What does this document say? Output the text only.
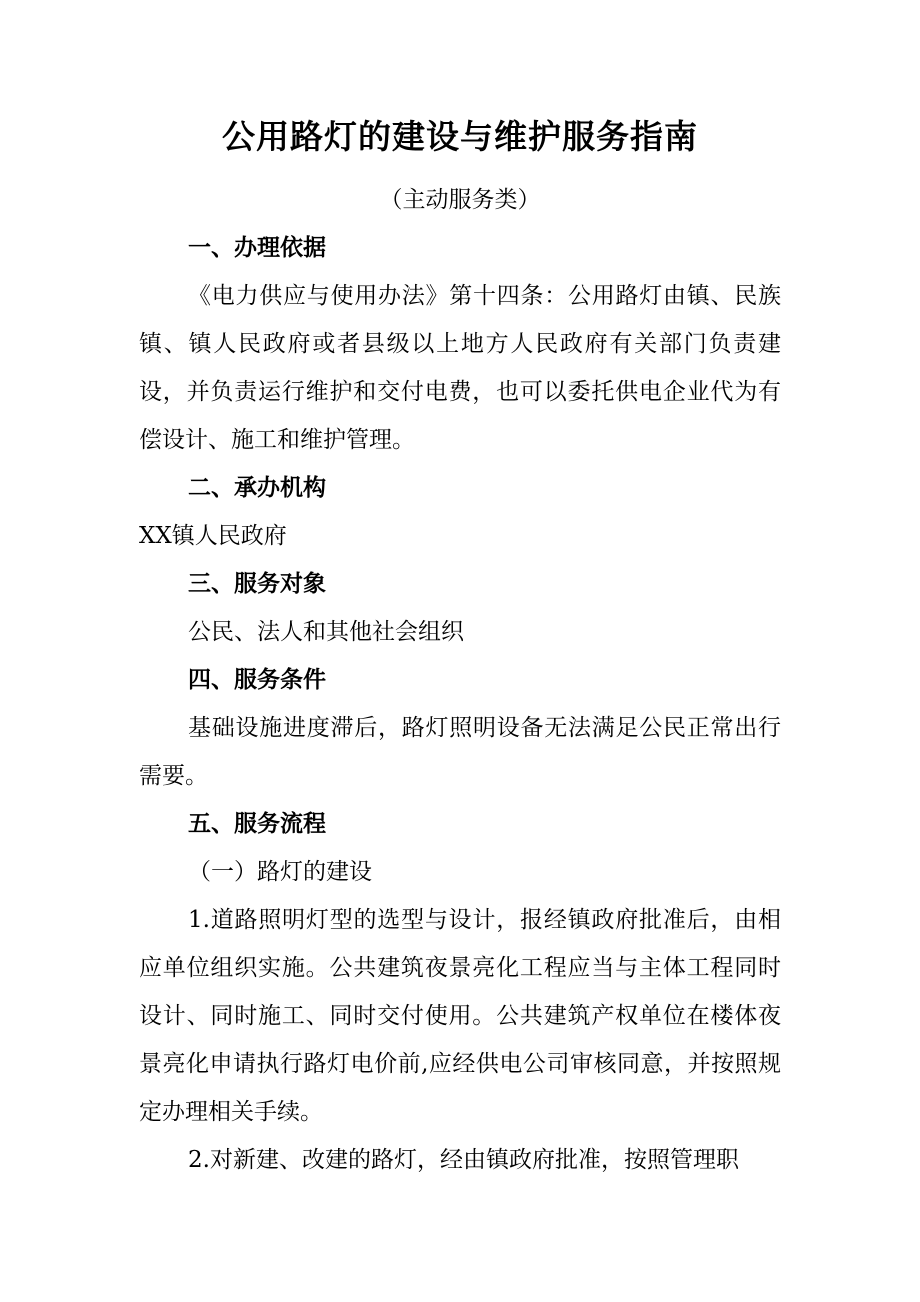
公用路灯的建设与维护服务指南
（主动服务类）
一、办理依据
《电力供应与使用办法》第十四条：公用路灯由镇、民族镇、镇人民政府或者县级以上地方人民政府有关部门负责建设，并负责运行维护和交付电费，也可以委托供电企业代为有偿设计、施工和维护管理。
二、承办机构
XX镇人民政府
三、服务对象
公民、法人和其他社会组织
四、服务条件
基础设施进度滞后，路灯照明设备无法满足公民正常出行需要。
五、服务流程
（一）路灯的建设
1.道路照明灯型的选型与设计，报经镇政府批准后，由相应单位组织实施。公共建筑夜景亮化工程应当与主体工程同时设计、同时施工、同时交付使用。公共建筑产权单位在楼体夜景亮化申请执行路灯电价前,应经供电公司审核同意，并按照规定办理相关手续。
2.对新建、改建的路灯，经由镇政府批准，按照管理职
